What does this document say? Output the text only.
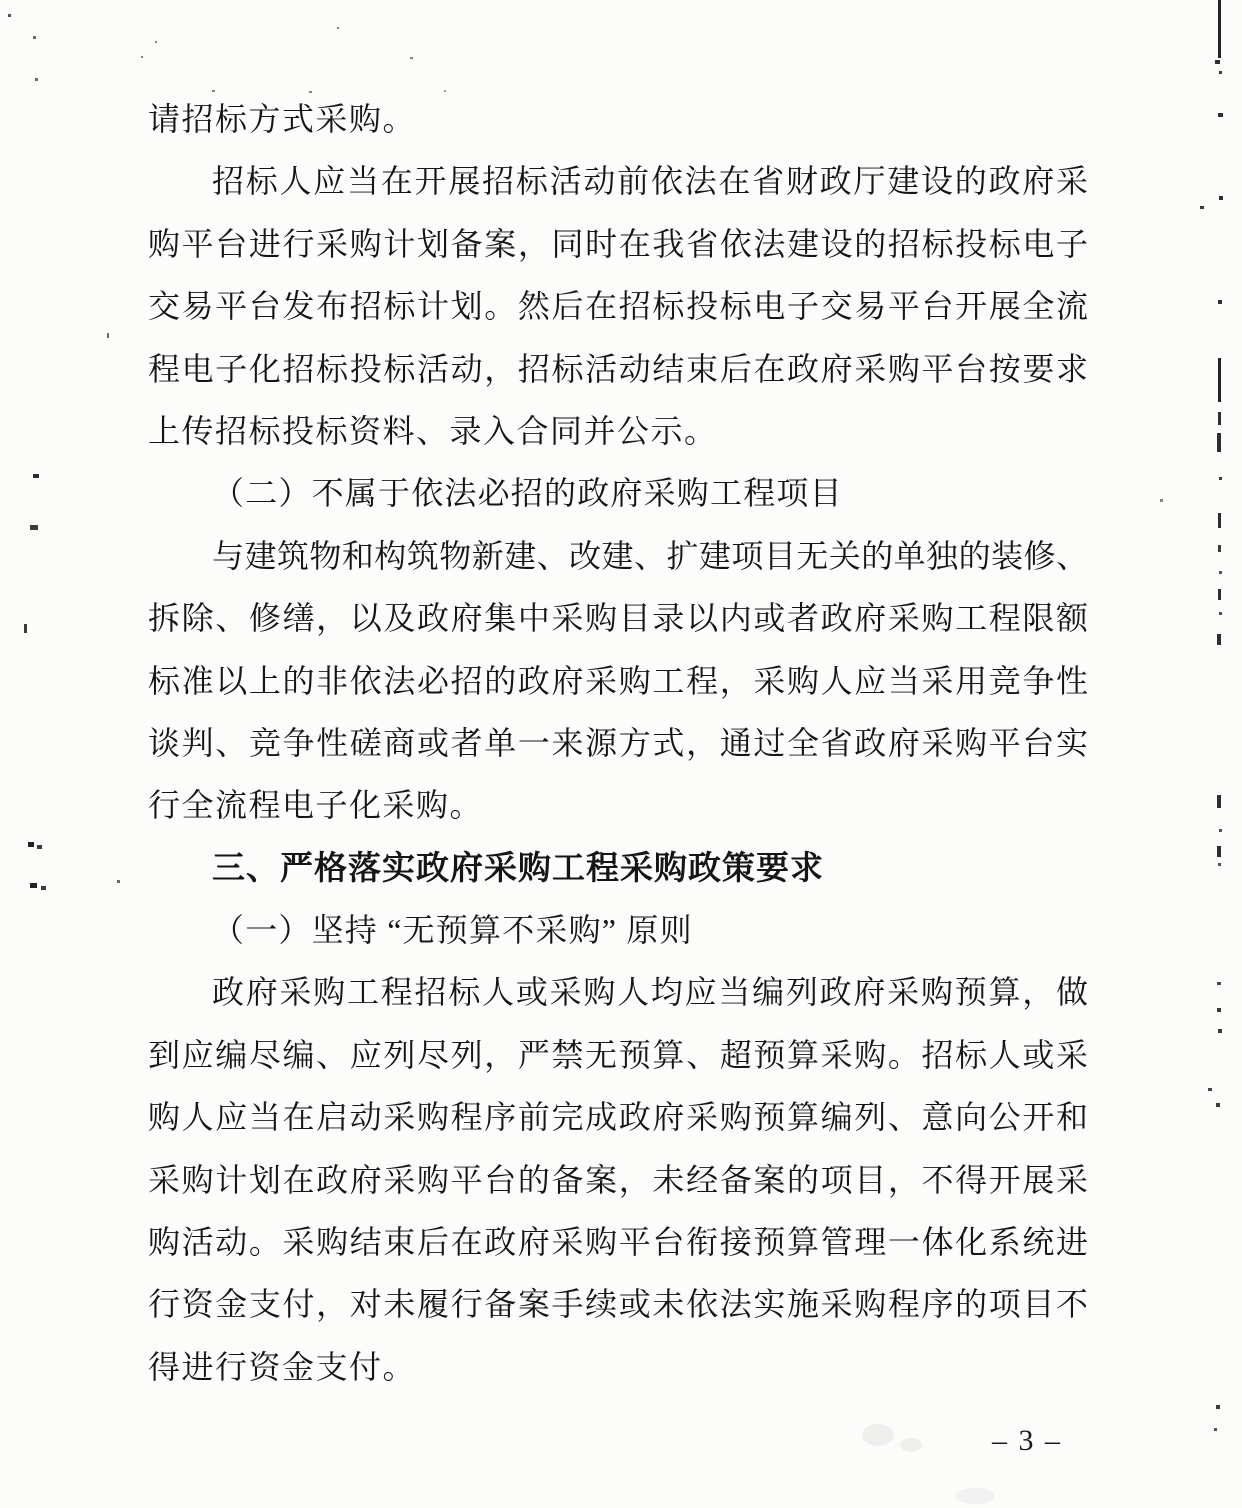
请招标方式采购。
招标人应当在开展招标活动前依法在省财政厅建设的政府采
购平台进行采购计划备案，同时在我省依法建设的招标投标电子
交易平台发布招标计划。然后在招标投标电子交易平台开展全流
程电子化招标投标活动，招标活动结束后在政府采购平台按要求
上传招标投标资料、录入合同并公示。
（二）不属于依法必招的政府采购工程项目
与建筑物和构筑物新建、改建、扩建项目无关的单独的装修、
拆除、修缮，以及政府集中采购目录以内或者政府采购工程限额
标准以上的非依法必招的政府采购工程，采购人应当采用竞争性
谈判、竞争性磋商或者单一来源方式，通过全省政府采购平台实
行全流程电子化采购。
三、严格落实政府采购工程采购政策要求
（一）坚持 “无预算不采购” 原则
政府采购工程招标人或采购人均应当编列政府采购预算，做
到应编尽编、应列尽列，严禁无预算、超预算采购。招标人或采
购人应当在启动采购程序前完成政府采购预算编列、意向公开和
采购计划在政府采购平台的备案，未经备案的项目，不得开展采
购活动。采购结束后在政府采购平台衔接预算管理一体化系统进
行资金支付，对未履行备案手续或未依法实施采购程序的项目不
得进行资金支付。
– 3 –
